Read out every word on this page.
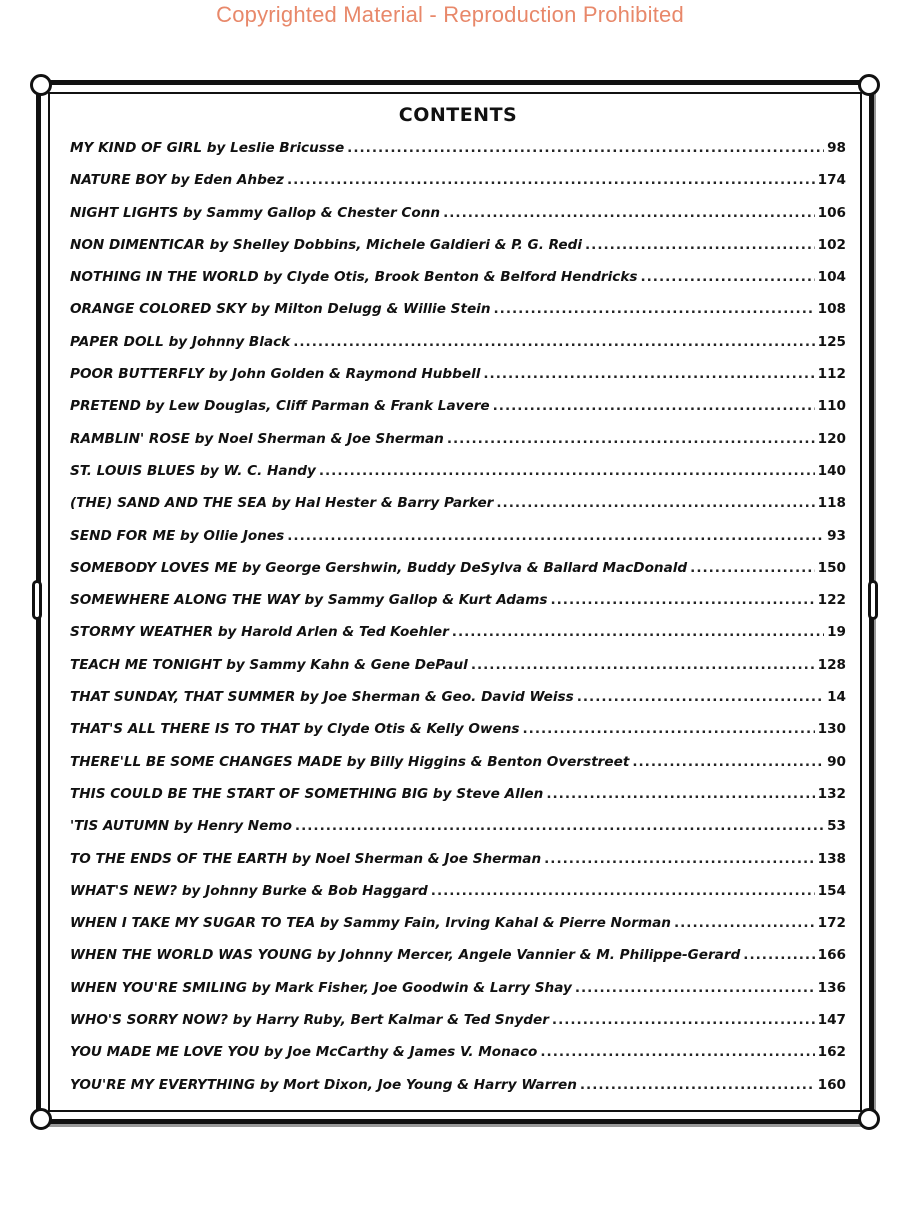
Copyrighted Material - Reproduction Prohibited
CONTENTS
MY KIND OF GIRL by Leslie Bricusse .....	98
NATURE BOY by Eden Ahbez .....	174
NIGHT LIGHTS by Sammy Gallop & Chester Conn .....	106
NON DIMENTICAR by Shelley Dobbins, Michele Galdieri & P. G. Redi .....	102
NOTHING IN THE WORLD by Clyde Otis, Brook Benton & Belford Hendricks .....	104
ORANGE COLORED SKY by Milton Delugg & Willie Stein .....	108
PAPER DOLL by Johnny Black .....	125
POOR BUTTERFLY by John Golden & Raymond Hubbell .....	112
PRETEND by Lew Douglas, Cliff Parman & Frank Lavere .....	110
RAMBLIN' ROSE by Noel Sherman & Joe Sherman .....	120
ST. LOUIS BLUES by W. C. Handy .....	140
(THE) SAND AND THE SEA by Hal Hester & Barry Parker .....	118
SEND FOR ME by Ollie Jones .....	93
SOMEBODY LOVES ME by George Gershwin, Buddy DeSylva & Ballard MacDonald .....	150
SOMEWHERE ALONG THE WAY by Sammy Gallop & Kurt Adams .....	122
STORMY WEATHER by Harold Arlen & Ted Koehler .....	19
TEACH ME TONIGHT by Sammy Kahn & Gene DePaul .....	128
THAT SUNDAY, THAT SUMMER by Joe Sherman & Geo. David Weiss .....	14
THAT'S ALL THERE IS TO THAT by Clyde Otis & Kelly Owens .....	130
THERE'LL BE SOME CHANGES MADE by Billy Higgins & Benton Overstreet .....	90
THIS COULD BE THE START OF SOMETHING BIG by Steve Allen .....	132
'TIS AUTUMN by Henry Nemo .....	53
TO THE ENDS OF THE EARTH by Noel Sherman & Joe Sherman .....	138
WHAT'S NEW? by Johnny Burke & Bob Haggard .....	154
WHEN I TAKE MY SUGAR TO TEA by Sammy Fain, Irving Kahal & Pierre Norman .....	172
WHEN THE WORLD WAS YOUNG by Johnny Mercer, Angele Vannier & M. Philippe-Gerard .....	166
WHEN YOU'RE SMILING by Mark Fisher, Joe Goodwin & Larry Shay .....	136
WHO'S SORRY NOW? by Harry Ruby, Bert Kalmar & Ted Snyder .....	147
YOU MADE ME LOVE YOU by Joe McCarthy & James V. Monaco .....	162
YOU'RE MY EVERYTHING by Mort Dixon, Joe Young & Harry Warren .....	160
